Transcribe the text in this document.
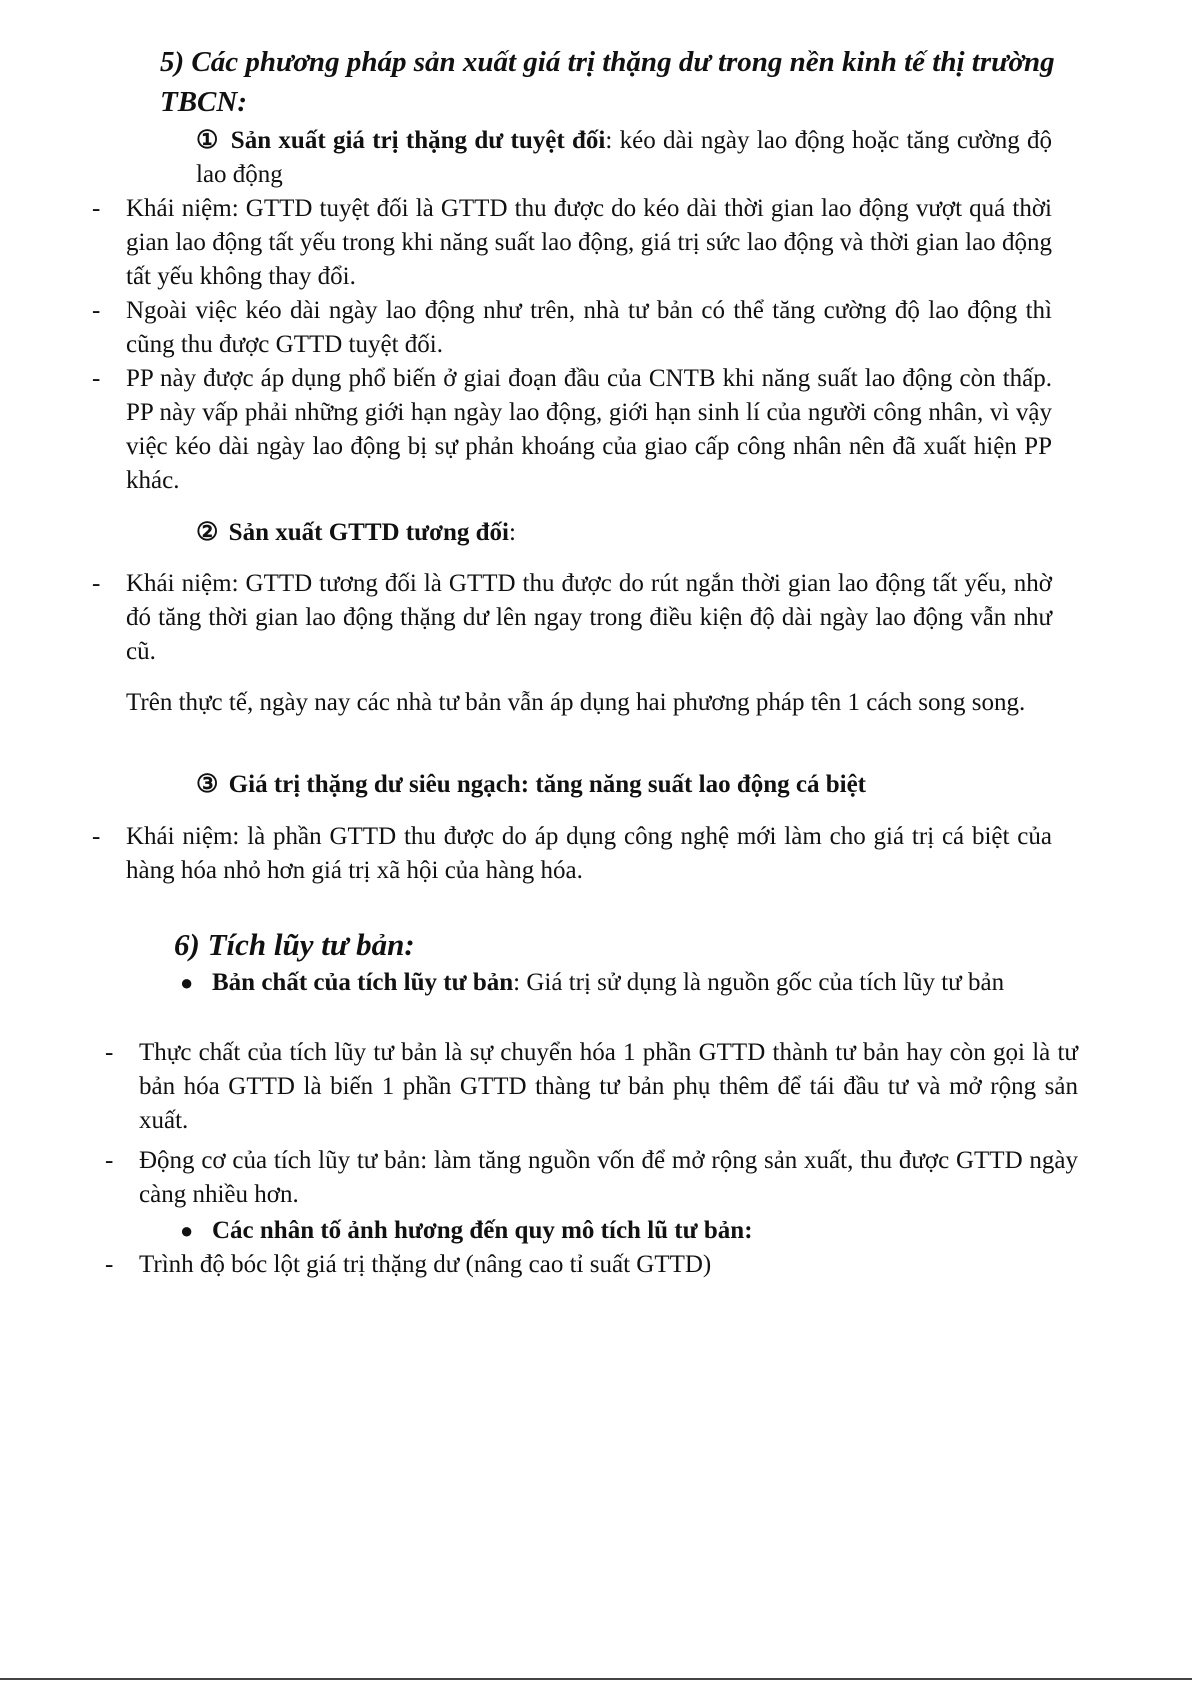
5) Các phương pháp sản xuất giá trị thặng dư trong nền kinh tế thị trường TBCN:
① Sản xuất giá trị thặng dư tuyệt đối: kéo dài ngày lao động hoặc tăng cường độ lao động
- Khái niệm: GTTD tuyệt đối là GTTD thu được do kéo dài thời gian lao động vượt quá thời gian lao động tất yếu trong khi năng suất lao động, giá trị sức lao động và thời gian lao động tất yếu không thay đổi.
- Ngoài việc kéo dài ngày lao động như trên, nhà tư bản có thể tăng cường độ lao động thì cũng thu được GTTD tuyệt đối.
- PP này được áp dụng phổ biến ở giai đoạn đầu của CNTB khi năng suất lao động còn thấp. PP này vấp phải những giới hạn ngày lao động, giới hạn sinh lí của người công nhân, vì vậy việc kéo dài ngày lao động bị sự phản khoáng của giao cấp công nhân nên đã xuất hiện PP khác.
② Sản xuất GTTD tương đối:
- Khái niệm: GTTD tương đối là GTTD thu được do rút ngắn thời gian lao động tất yếu, nhờ đó tăng thời gian lao động thặng dư lên ngay trong điều kiện độ dài ngày lao động vẫn như cũ.
Trên thực tế, ngày nay các nhà tư bản vẫn áp dụng hai phương pháp tên 1 cách song song.
③ Giá trị thặng dư siêu ngạch: tăng năng suất lao động cá biệt
- Khái niệm: là phần GTTD thu được do áp dụng công nghệ mới làm cho giá trị cá biệt của hàng hóa nhỏ hơn giá trị xã hội của hàng hóa.
6) Tích lũy tư bản:
● Bản chất của tích lũy tư bản: Giá trị sử dụng là nguồn gốc của tích lũy tư bản
- Thực chất của tích lũy tư bản là sự chuyển hóa 1 phần GTTD thành tư bản hay còn gọi là tư bản hóa GTTD là biến 1 phần GTTD thàng tư bản phụ thêm để tái đầu tư và mở rộng sản xuất.
- Động cơ của tích lũy tư bản: làm tăng nguồn vốn để mở rộng sản xuất, thu được GTTD ngày càng nhiều hơn.
● Các nhân tố ảnh hương đến quy mô tích lũ tư bản:
- Trình độ bóc lột giá trị thặng dư (nâng cao tỉ suất GTTD)
